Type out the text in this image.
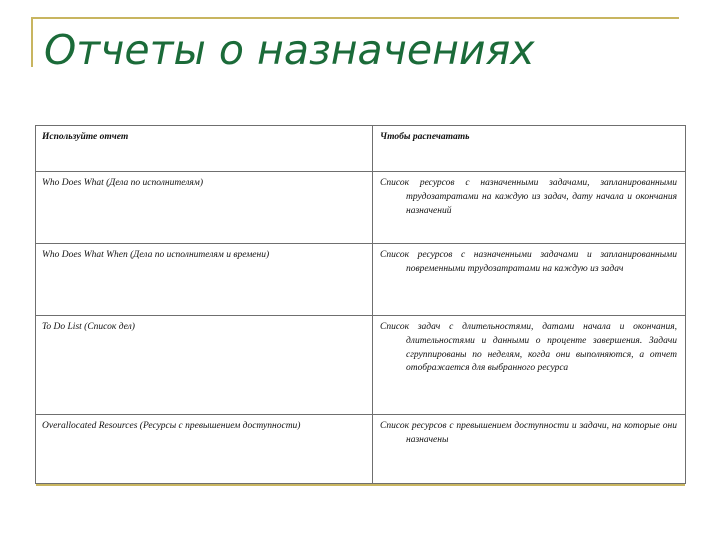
Отчеты о назначениях
Используйте отчет	Чтобы распечатать

Who Does What (Дела по исполнителям)	Список ресурсов с назначенными задачами, запланированными трудозатратами на каждую из задач, дату начала и окончания назначений

Who Does What When (Дела по исполнителям и времени)	Список ресурсов с назначенными задачами и запланированными повременными трудозатратами на каждую из задач

To Do List (Список дел)	Список задач с длительностями, датами начала и окончания, длительностями и данными о проценте завершения. Задачи сгруппированы по неделям, когда они выполняются, а отчет отображается для выбранного ресурса

Overallocated Resources (Ресурсы с превышением доступности)	Список ресурсов с превышением доступности и задачи, на которые они назначены
